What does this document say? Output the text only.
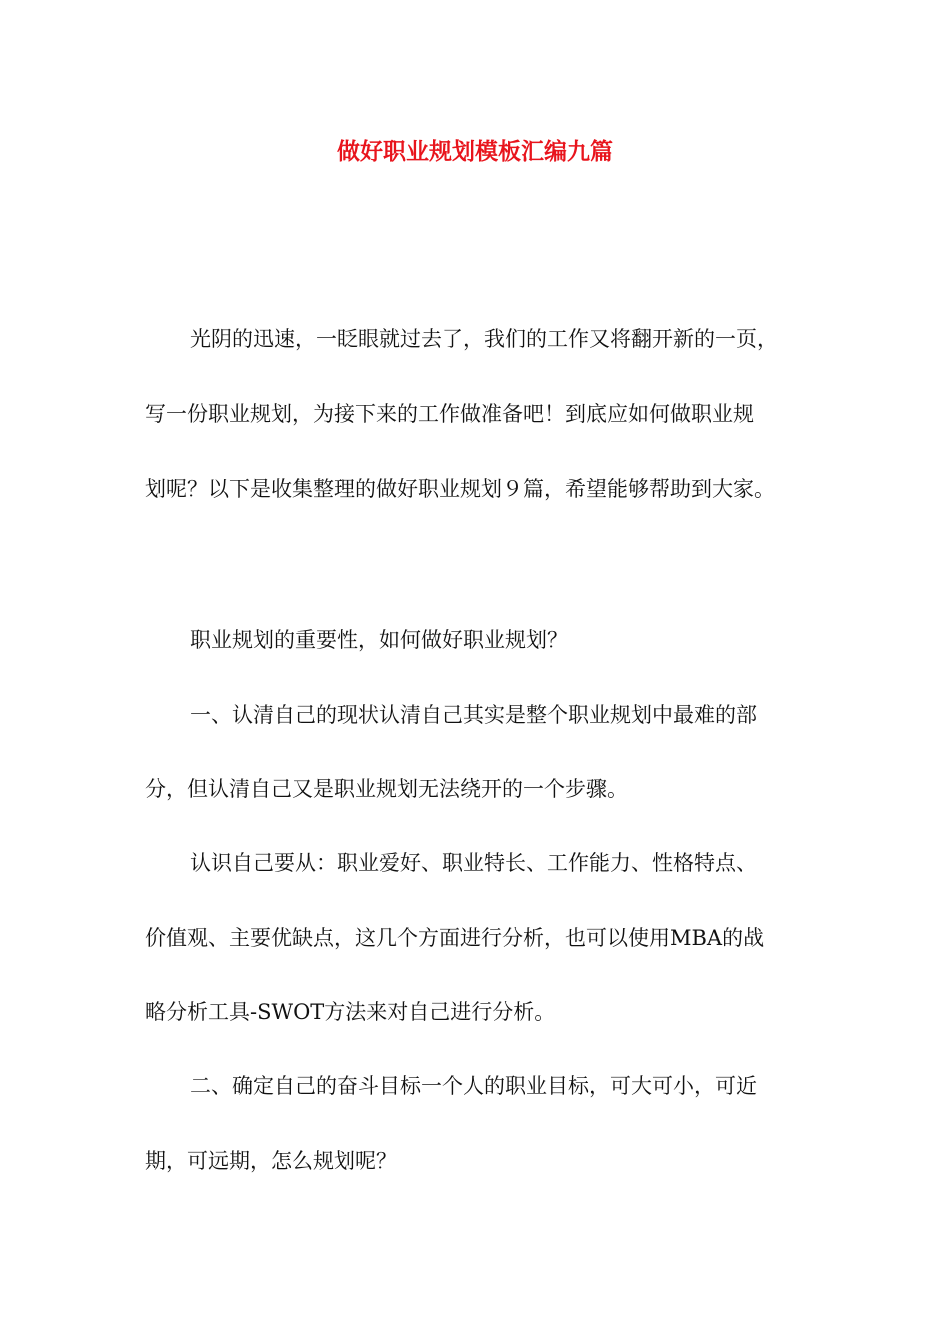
做好职业规划模板汇编九篇
光阴的迅速，一眨眼就过去了，我们的工作又将翻开新的一页，
写一份职业规划，为接下来的工作做准备吧！到底应如何做职业规
划呢？以下是收集整理的做好职业规划９篇，希望能够帮助到大家。
职业规划的重要性，如何做好职业规划？
一、认清自己的现状认清自己其实是整个职业规划中最难的部
分，但认清自己又是职业规划无法绕开的一个步骤。
认识自己要从：职业爱好、职业特长、工作能力、性格特点、
价值观、主要优缺点，这几个方面进行分析，也可以使用MBA的战
略分析工具-SWOT方法来对自己进行分析。
二、确定自己的奋斗目标一个人的职业目标，可大可小，可近
期，可远期，怎么规划呢？
